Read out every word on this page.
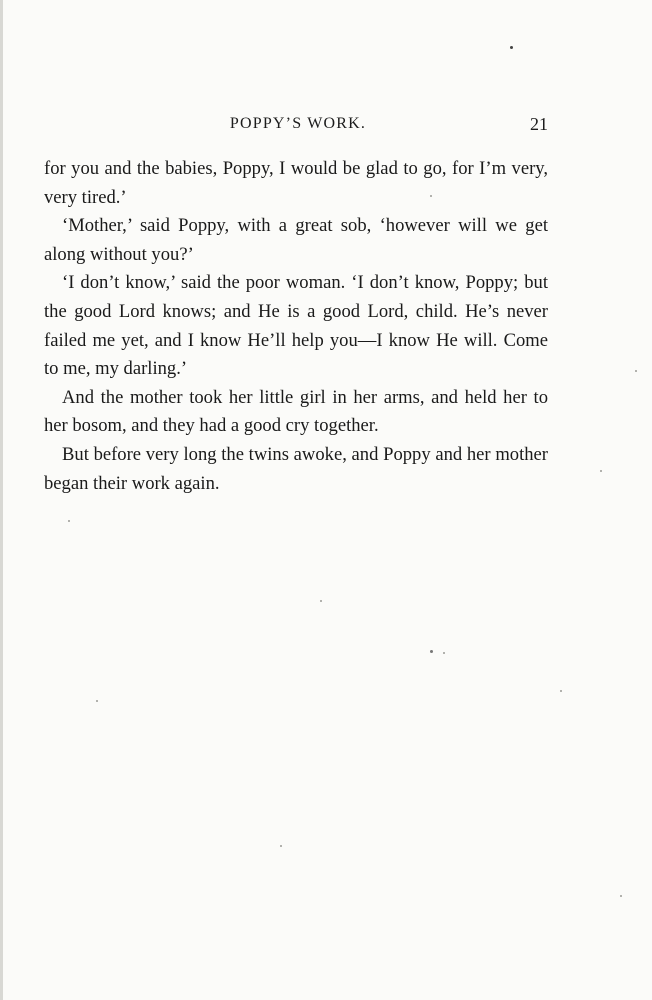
POPPY’S WORK.	21

for you and the babies, Poppy, I would be glad to go, for I’m very, very tired.’

‘Mother,’ said Poppy, with a great sob, ‘however will we get along without you?’

‘I don’t know,’ said the poor woman. ‘I don’t know, Poppy; but the good Lord knows; and He is a good Lord, child. He’s never failed me yet, and I know He’ll help you—I know He will. Come to me, my darling.’

And the mother took her little girl in her arms, and held her to her bosom, and they had a good cry together.

But before very long the twins awoke, and Poppy and her mother began their work again.
